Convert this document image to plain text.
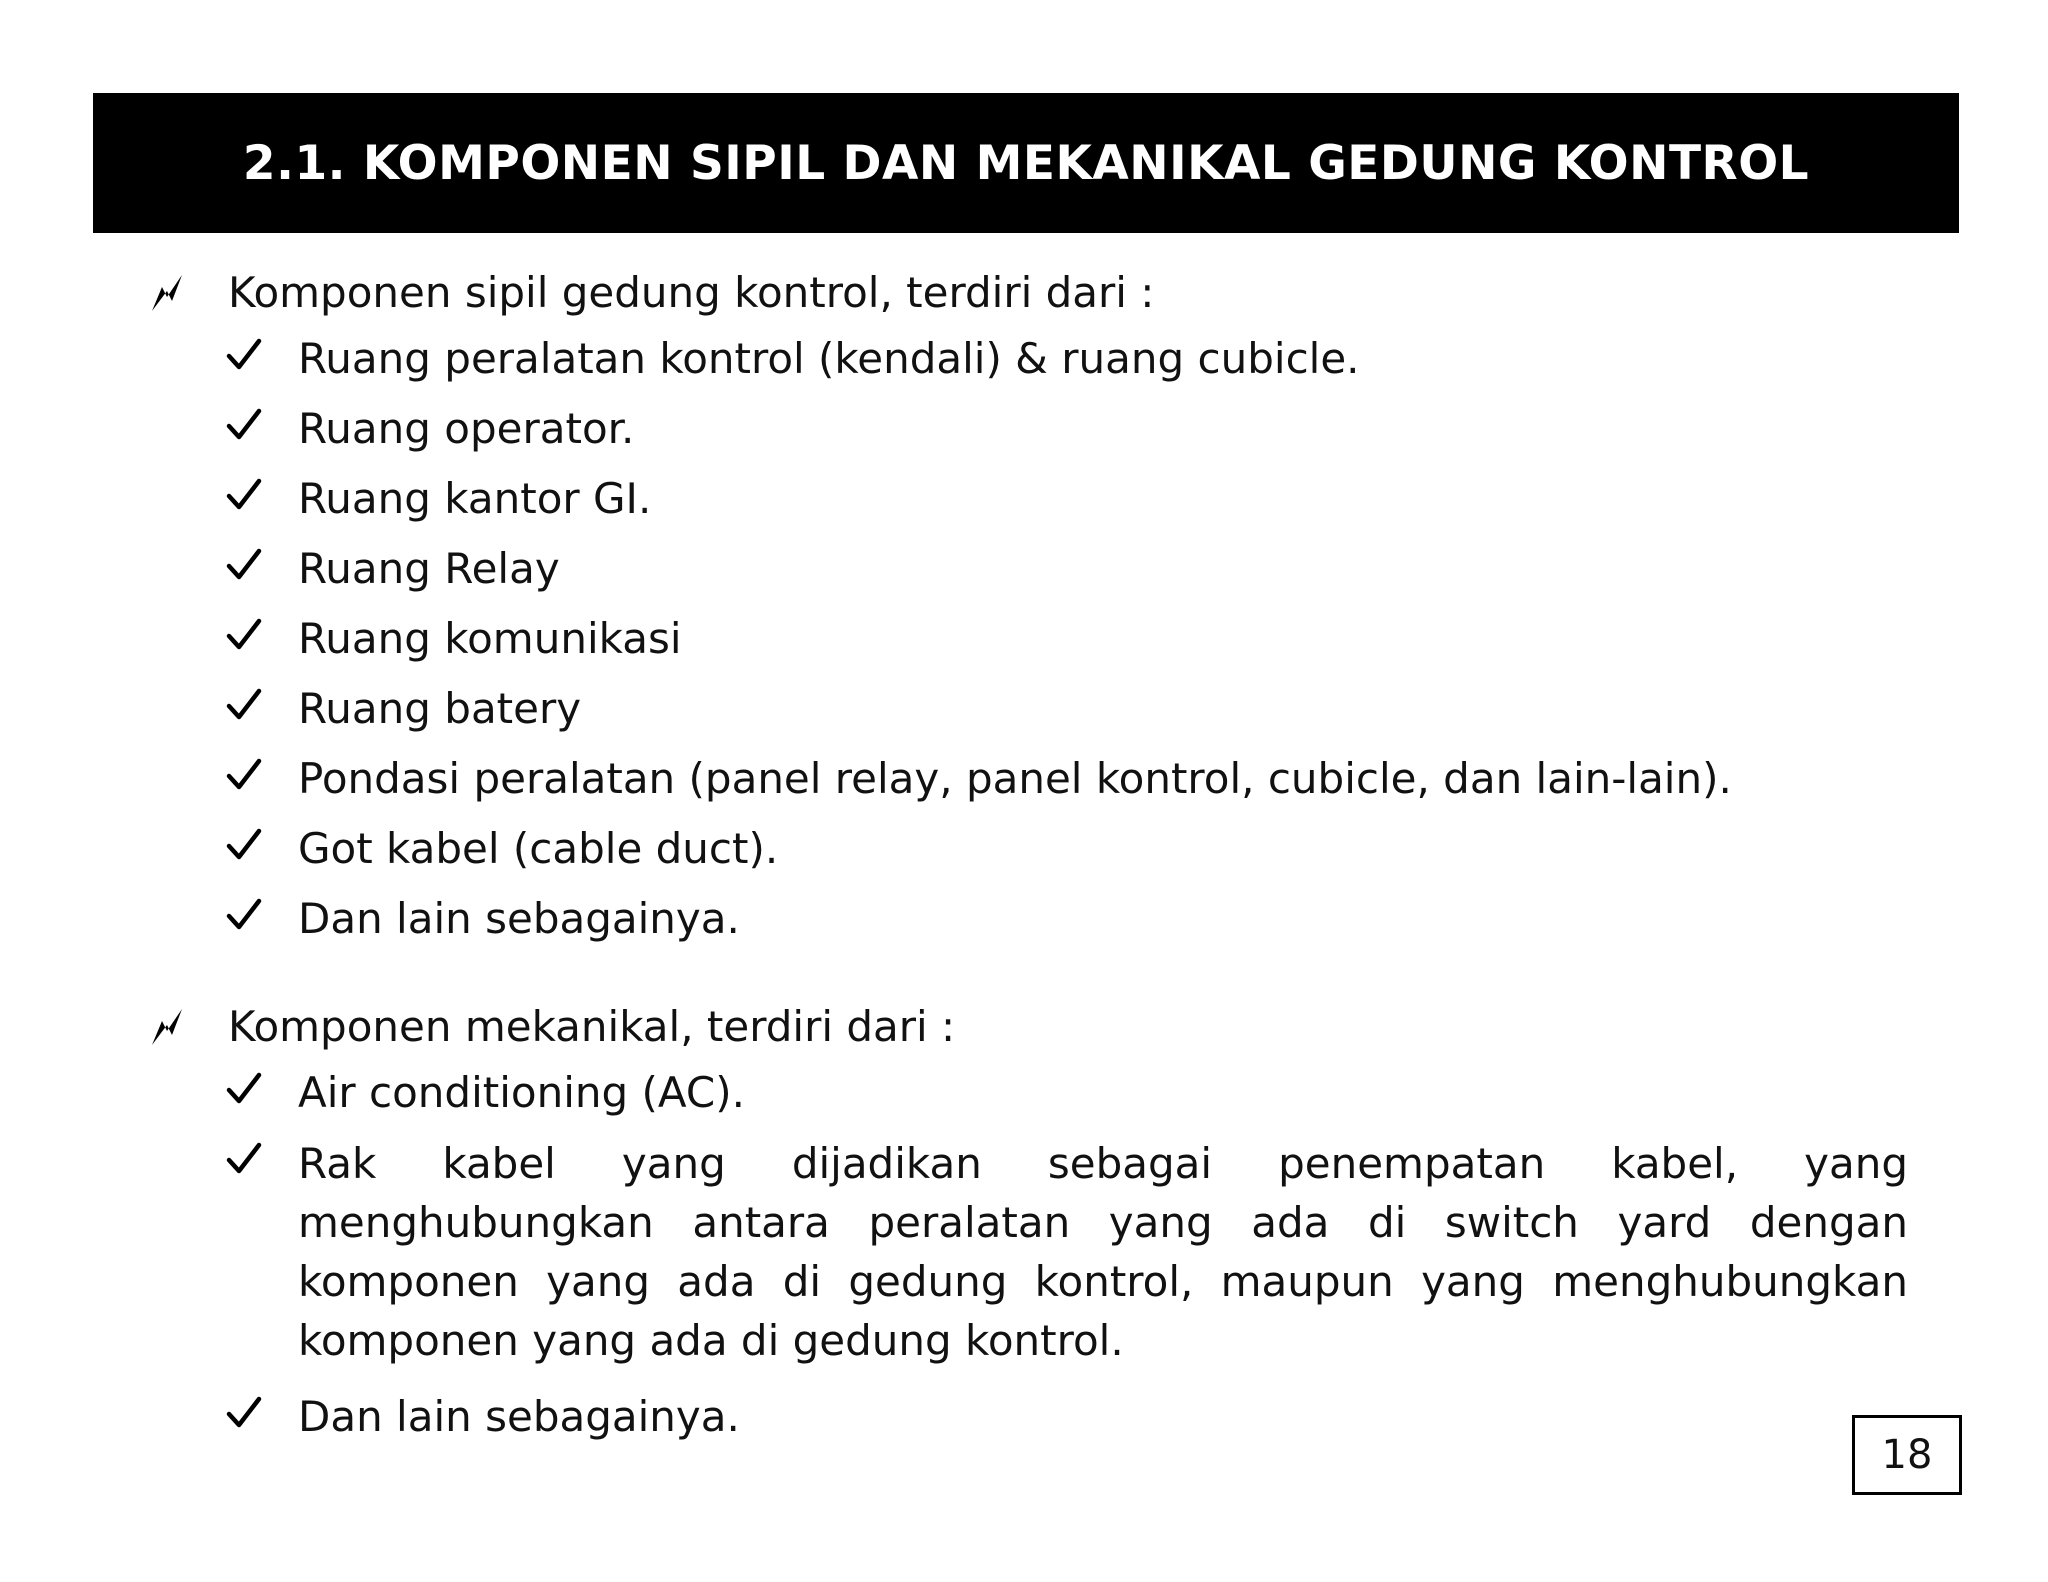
2.1. KOMPONEN SIPIL DAN MEKANIKAL GEDUNG KONTROL
Komponen sipil gedung kontrol, terdiri dari :
Ruang peralatan kontrol (kendali) & ruang cubicle.
Ruang operator.
Ruang kantor GI.
Ruang Relay
Ruang komunikasi
Ruang batery
Pondasi peralatan (panel relay, panel kontrol, cubicle, dan lain-lain).
Got kabel (cable duct).
Dan lain sebagainya.
Komponen mekanikal, terdiri dari :
Air conditioning (AC).
Rak kabel yang dijadikan sebagai penempatan kabel, yang menghubungkan antara peralatan yang ada di switch yard dengan komponen yang ada di gedung kontrol, maupun yang menghubungkan komponen yang ada di gedung kontrol.
Dan lain sebagainya.
18
